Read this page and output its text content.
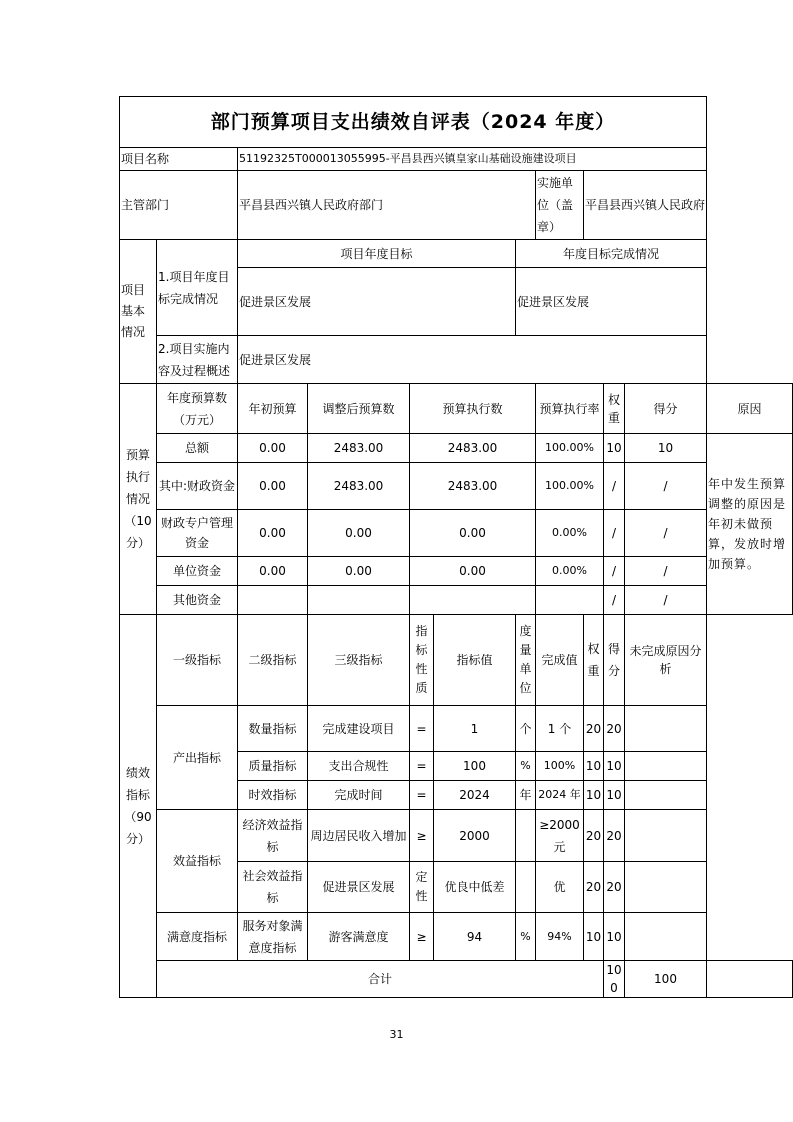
部门预算项目支出绩效自评表（2024 年度）											
项目名称		51192325T000013055995-平昌县西兴镇皇家山基础设施建设项目									
主管部门		平昌县西兴镇人民政府部门					实施单位（盖章）	平昌县西兴镇人民政府			
项目基本情况	1.项目年度目标完成情况	项目年度目标				年度目标完成情况					
		促进景区发展				促进景区发展					
	2.项目实施内容及过程概述	促进景区发展									
预算执行情况（10分）	年度预算数（万元）	年初预算	调整后预算数	预算执行数			预算执行率		权重	得分	原因
	总额	0.00	2483.00	2483.00			100.00%		10	10	年中发生预算调整的原因是年初未做预算，发放时增加预算。
	其中:财政资金	0.00	2483.00	2483.00			100.00%		/	/	
	财政专户管理资金	0.00	0.00	0.00			0.00%		/	/	
	单位资金	0.00	0.00	0.00			0.00%		/	/	
	其他资金								/	/	
绩效指标（90分）	一级指标	二级指标	三级指标	指标性质	指标值	度量单位	完成值	权重	得分	未完成原因分析	
	产出指标	数量指标	完成建设项目	=	1	个	1 个	20	20		
		质量指标	支出合规性	=	100	%	100%	10	10		
		时效指标	完成时间	=	2024	年	2024 年	10	10		
	效益指标	经济效益指标	周边居民收入增加	≥	2000		≥2000元	20	20		
		社会效益指标	促进景区发展	定性	优良中低差		优	20	20		
	满意度指标	服务对象满意度指标	游客满意度	≥	94	%	94%	10	10		
	合计								100	100	
31
